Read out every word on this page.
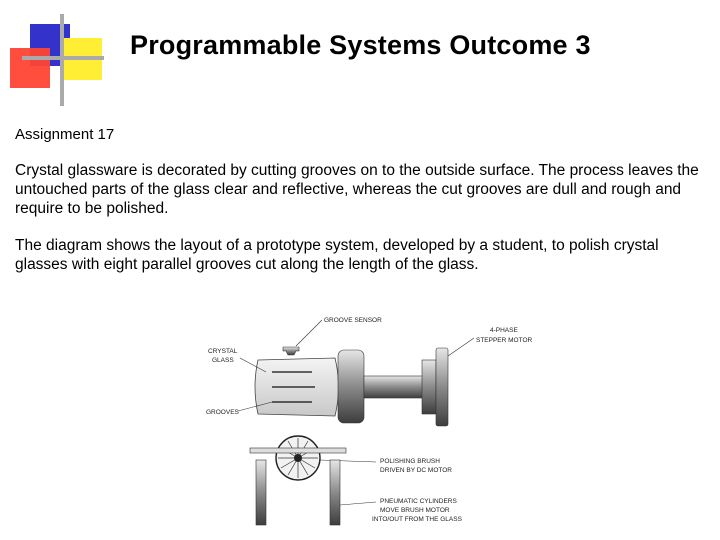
Programmable Systems Outcome 3

Assignment 17

Crystal glassware is decorated by cutting grooves on to the outside surface. The process leaves the untouched parts of the glass clear and reflective, whereas the cut grooves are dull and rough and require to be polished.

The diagram shows the layout of a prototype system, developed by a student, to polish crystal glasses with eight parallel grooves cut along the length of the glass.

GROOVE SENSOR
CRYSTAL
GLASS
GROOVES
4-PHASE
STEPPER MOTOR
POLISHING BRUSH
DRIVEN BY DC MOTOR
PNEUMATIC CYLINDERS
MOVE BRUSH MOTOR
INTO/OUT FROM THE GLASS
